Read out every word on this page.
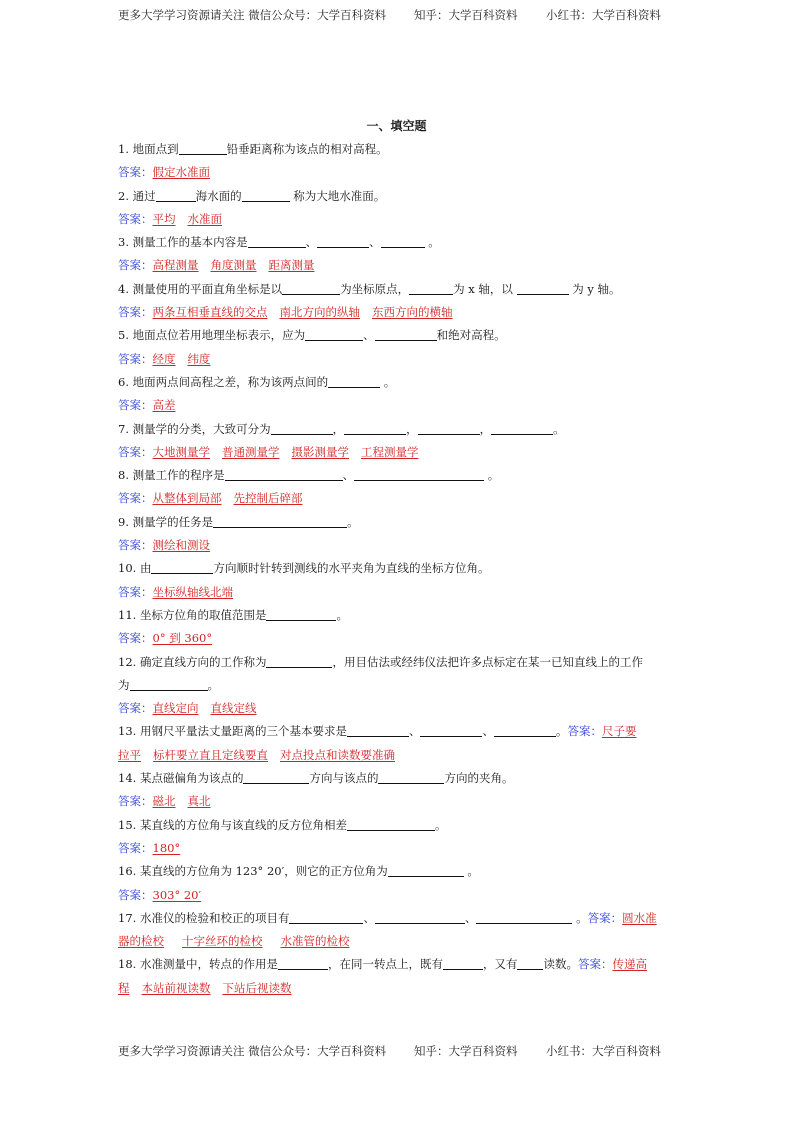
更多大学学习资源请关注 微信公众号：大学百科资料 知乎：大学百科资料 小红书：大学百科资料
一、填空题
1. 地面点到	铅垂距离称为该点的相对高程。
答案：假定水准面
2. 通过	海水面的	称为大地水准面。
答案：平均 水准面
3. 测量工作的基本内容是	、	、	。
答案：高程测量 角度测量 距离测量
4. 测量使用的平面直角坐标是以	为坐标原点，	为 x 轴，以	为 y 轴。
答案：两条互相垂直线的交点 南北方向的纵轴 东西方向的横轴
5. 地面点位若用地理坐标表示，应为	、	和绝对高程。
答案：经度 纬度
6. 地面两点间高程之差，称为该两点间的	。
答案：高差
7. 测量学的分类，大致可分为	，	，	，	。
答案：大地测量学 普通测量学 摄影测量学 工程测量学
8. 测量工作的程序是	、	。
答案：从整体到局部 先控制后碎部
9. 测量学的任务是	。
答案：测绘和测设
10. 由	方向顺时针转到测线的水平夹角为直线的坐标方位角。
答案：坐标纵轴线北端
11. 坐标方位角的取值范围是	。
答案：0° 到 360°
12. 确定直线方向的工作称为	，用目估法或经纬仪法把许多点标定在某一已知直线上的工作
为	。
答案：直线定向 直线定线
13. 用钢尺平量法丈量距离的三个基本要求是	、	、	。答案：尺子要
拉平 标杆要立直且定线要直 对点投点和读数要准确
14. 某点磁偏角为该点的	方向与该点的	方向的夹角。
答案：磁北 真北
15. 某直线的方位角与该直线的反方位角相差	。
答案：180°
16. 某直线的方位角为 123° 20′，则它的正方位角为	。
答案：303° 20′
17. 水准仪的检验和校正的项目有	、	、	。答案：圆水准
器的检校 十字丝环的检校 水准管的检校
18. 水准测量中，转点的作用是	，在同一转点上，既有	，又有 读数。答案：传递高
程 本站前视读数 下站后视读数
更多大学学习资源请关注 微信公众号：大学百科资料 知乎：大学百科资料 小红书：大学百科资料
